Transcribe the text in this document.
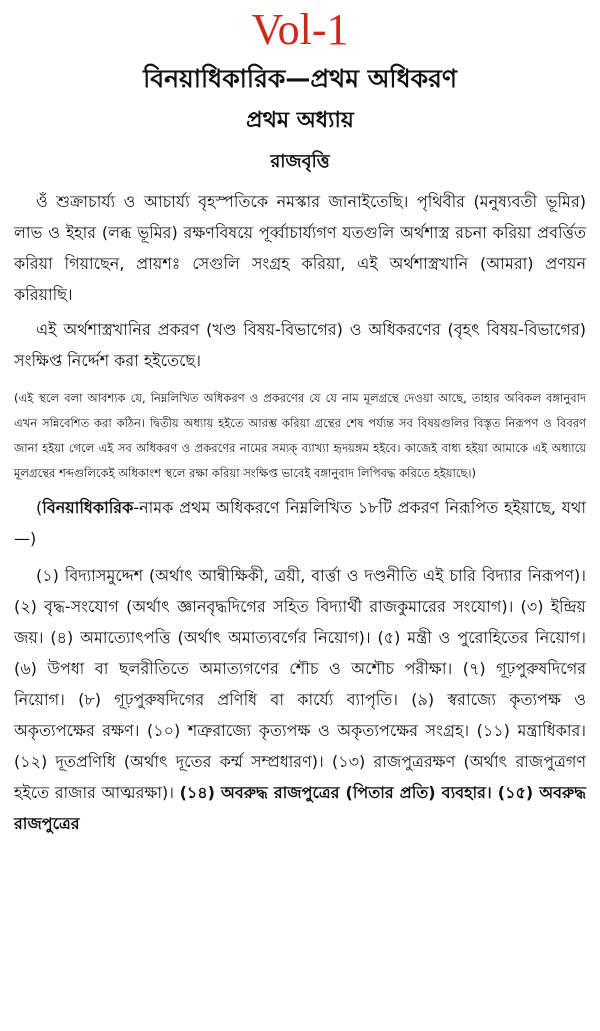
Vol-1
বিনয়াধিকারিক—প্রথম অধিকরণ
প্রথম অধ্যায়
রাজবৃত্তি

ওঁ শুক্রাচার্য্য ও আচার্য্য বৃহস্পতিকে নমস্কার জানাইতেছি। পৃথিবীর (মনুষ্যবতী ভূমির) লাভ ও ইহার (লব্ধ ভূমির) রক্ষণবিষয়ে পূর্ব্বাচার্য্যগণ যতগুলি অর্থশাস্ত্র রচনা করিয়া প্রবর্ত্তিত করিয়া গিয়াছেন, প্রায়শঃ সেগুলি সংগ্রহ করিয়া, এই অর্থশাস্ত্রখানি (আমরা) প্রণয়ন করিয়াছি।

এই অর্থশাস্ত্রখানির প্রকরণ (খণ্ড বিষয়-বিভাগের) ও অধিকরণের (বৃহৎ বিষয়-বিভাগের) সংক্ষিপ্ত নির্দ্দেশ করা হইতেছে।

(এই স্থলে বলা আবশ্যক যে, নিম্নলিখিত অধিকরণ ও প্রকরণের যে যে নাম মূলগ্রন্থে দেওয়া আছে, তাহার অবিকল বঙ্গানুবাদ এখন সন্নিবেশিত করা কঠিন। দ্বিতীয় অধ্যায় হইতে আরম্ভ করিয়া গ্রন্থের শেষ পর্য্যন্ত সব বিষয়গুলির বিস্তৃত নিরূপণ ও বিবরণ জানা হইয়া গেলে এই সব অধিকরণ ও প্রকরণের নামের সম্যক্ ব্যাখ্যা হৃদয়ঙ্গম হইবে। কাজেই বাধ্য হইয়া আমাকে এই অধ্যায়ে মূলগ্রন্থের শব্দগুলিকেই অধিকাংশ স্থলে রক্ষা করিয়া সংক্ষিপ্ত ভাবেই বঙ্গানুবাদ লিপিবদ্ধ করিতে হইয়াছে।)

(বিনয়াধিকারিক-নামক প্রথম অধিকরণে নিম্নলিখিত ১৮টি প্রকরণ নিরূপিত হইয়াছে, যথা—)

(১) বিদ্যাসমুদ্দেশ (অর্থাৎ আন্বীক্ষিকী, ত্রয়ী, বার্ত্তা ও দণ্ডনীতি এই চারি বিদ্যার নিরূপণ)। (২) বৃদ্ধ-সংযোগ (অর্থাৎ জ্ঞানবৃদ্ধদিগের সহিত বিদ্যার্থী রাজকুমারের সংযোগ)। (৩) ইন্দ্রিয় জয়। (৪) অমাত্যোৎপত্তি (অর্থাৎ অমাত্যবর্গের নিয়োগ)। (৫) মন্ত্রী ও পুরোহিতের নিয়োগ। (৬) উপধা বা ছলরীতিতে অমাত্যগণের শৌচ ও অশৌচ পরীক্ষা। (৭) গূঢ়পুরুষদিগের নিয়োগ। (৮) গূঢ়পুরুষদিগের প্রণিধি বা কার্য্যে ব্যাপৃতি। (৯) স্বরাজ্যে কৃত্যপক্ষ ও অকৃত্যপক্ষের রক্ষণ। (১০) শত্রুরাজ্যে কৃত্যপক্ষ ও অকৃত্যপক্ষের সংগ্রহ। (১১) মন্ত্রাধিকার। (১২) দূতপ্রণিধি (অর্থাৎ দূতের কর্ম্ম সম্প্রধারণ)। (১৩) রাজপুত্ররক্ষণ (অর্থাৎ রাজপুত্রগণ হইতে রাজার আত্মরক্ষা)। (১৪) অবরুদ্ধ রাজপুত্রের (পিতার প্রতি) ব্যবহার। (১৫) অবরুদ্ধ রাজপুত্রের
